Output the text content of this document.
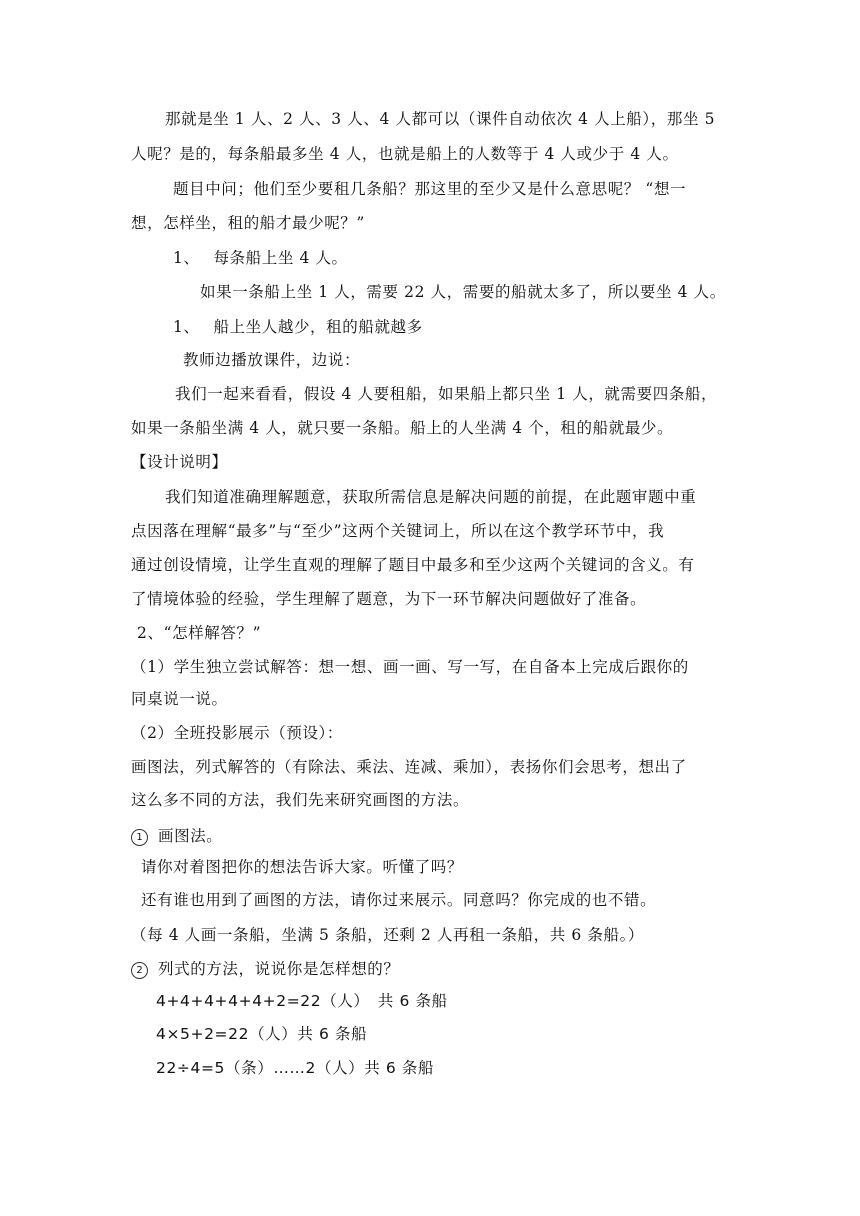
那就是坐 1 人、2 人、3 人、4 人都可以（课件自动依次 4 人上船），那坐 5
人呢？是的，每条船最多坐 4 人，也就是船上的人数等于 4 人或少于 4 人。
题目中问；他们至少要租几条船？那这里的至少又是什么意思呢？ “想一
想，怎样坐，租的船才最少呢？”
1、　 每条船上坐 4 人。
如果一条船上坐 1 人，需要 22 人，需要的船就太多了，所以要坐 4 人。
1、　 船上坐人越少，租的船就越多
教师边播放课件，边说：
我们一起来看看，假设 4 人要租船，如果船上都只坐 1 人，就需要四条船，
如果一条船坐满 4 人，就只要一条船。船上的人坐满 4 个，租的船就最少。
【设计说明】
我们知道准确理解题意，获取所需信息是解决问题的前提，在此题审题中重
点因落在理解“最多”与“至少”这两个关键词上，所以在这个教学环节中，我
通过创设情境，让学生直观的理解了题目中最多和至少这两个关键词的含义。有
了情境体验的经验，学生理解了题意，为下一环节解决问题做好了准备。
2、“怎样解答？”
（1）学生独立尝试解答：想一想、画一画、写一写，在自备本上完成后跟你的
同桌说一说。
（2）全班投影展示（预设）：
画图法，列式解答的（有除法、乘法、连减、乘加），表扬你们会思考，想出了
这么多不同的方法，我们先来研究画图的方法。
1 画图法。
请你对着图把你的想法告诉大家。听懂了吗？
还有谁也用到了画图的方法，请你过来展示。同意吗？你完成的也不错。
（每 4 人画一条船，坐满 5 条船，还剩 2 人再租一条船，共 6 条船。）
2 列式的方法，说说你是怎样想的？
4+4+4+4+4+2=22（人）　共 6 条船
4×5+2=22（人）共 6 条船
22÷4=5（条）……2（人）共 6 条船
